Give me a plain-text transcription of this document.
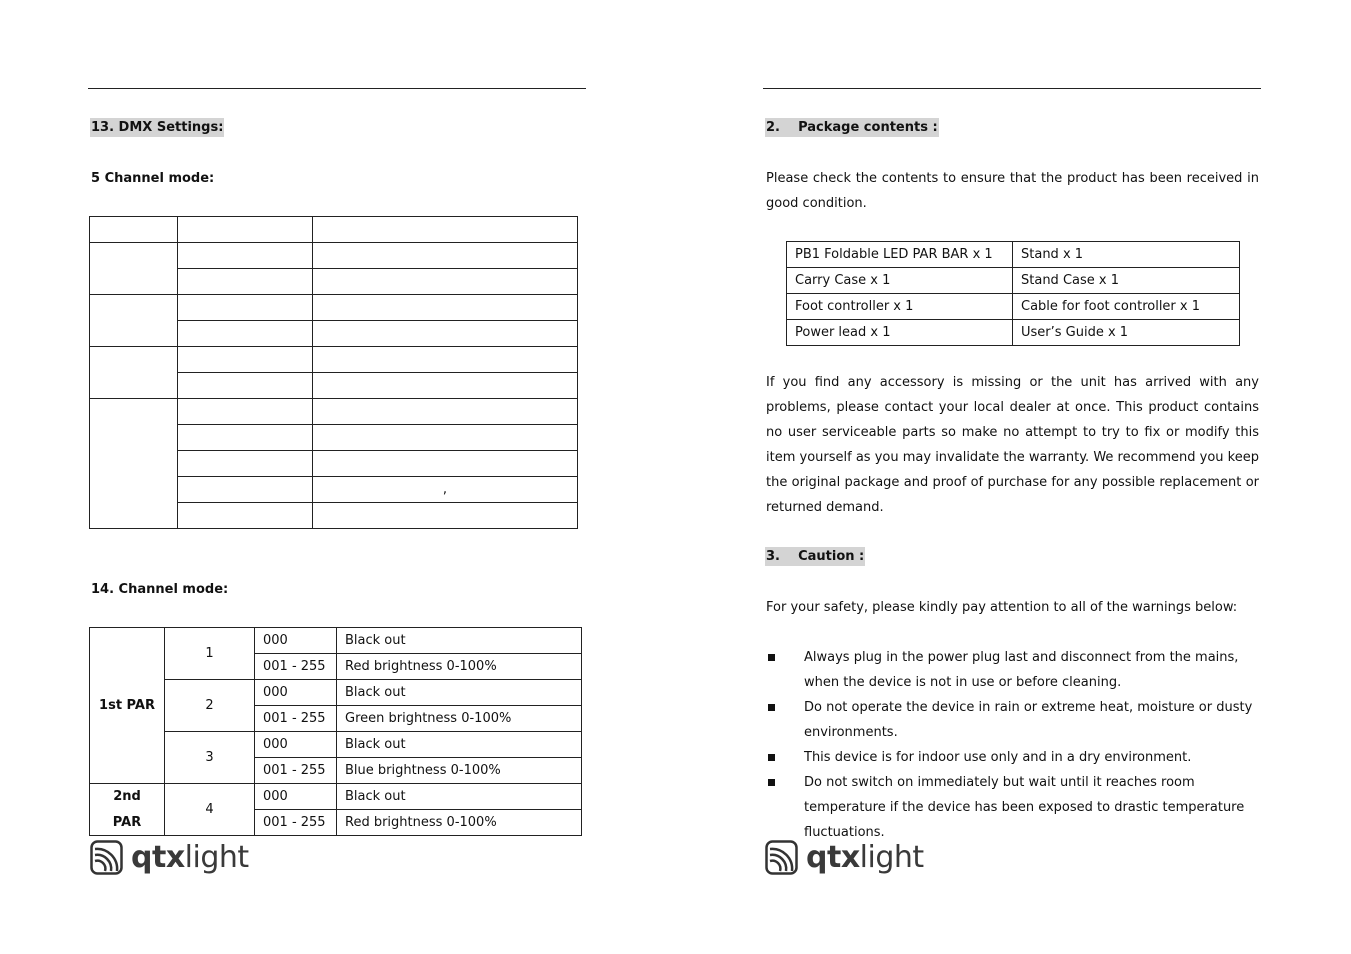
13. DMX Settings:
5 Channel mode:

		,

14. Channel mode:
1st PAR	1	000	Black out
		001 - 255	Red brightness 0-100%
	2	000	Black out
		001 - 255	Green brightness 0-100%
	3	000	Black out
		001 - 255	Blue brightness 0-100%
2nd	4	000	Black out
PAR		001 - 255	Red brightness 0-100%
qtxlight
2.    Package contents :
Please check the contents to ensure that the product has been received in good condition.
PB1 Foldable LED PAR BAR x 1	Stand x 1
Carry Case x 1	Stand Case x 1
Foot controller x 1	Cable for foot controller x 1
Power lead x 1	User’s Guide x 1
If you find any accessory is missing or the unit has arrived with any problems, please contact your local dealer at once. This product contains no user serviceable parts so make no attempt to try to fix or modify this item yourself as you may invalidate the warranty. We recommend you keep the original package and proof of purchase for any possible replacement or returned demand.
3.    Caution :
For your safety, please kindly pay attention to all of the warnings below:
Always plug in the power plug last and disconnect from the mains, when the device is not in use or before cleaning.
Do not operate the device in rain or extreme heat, moisture or dusty environments.
This device is for indoor use only and in a dry environment.
Do not switch on immediately but wait until it reaches room temperature if the device has been exposed to drastic temperature fluctuations.
qtxlight
